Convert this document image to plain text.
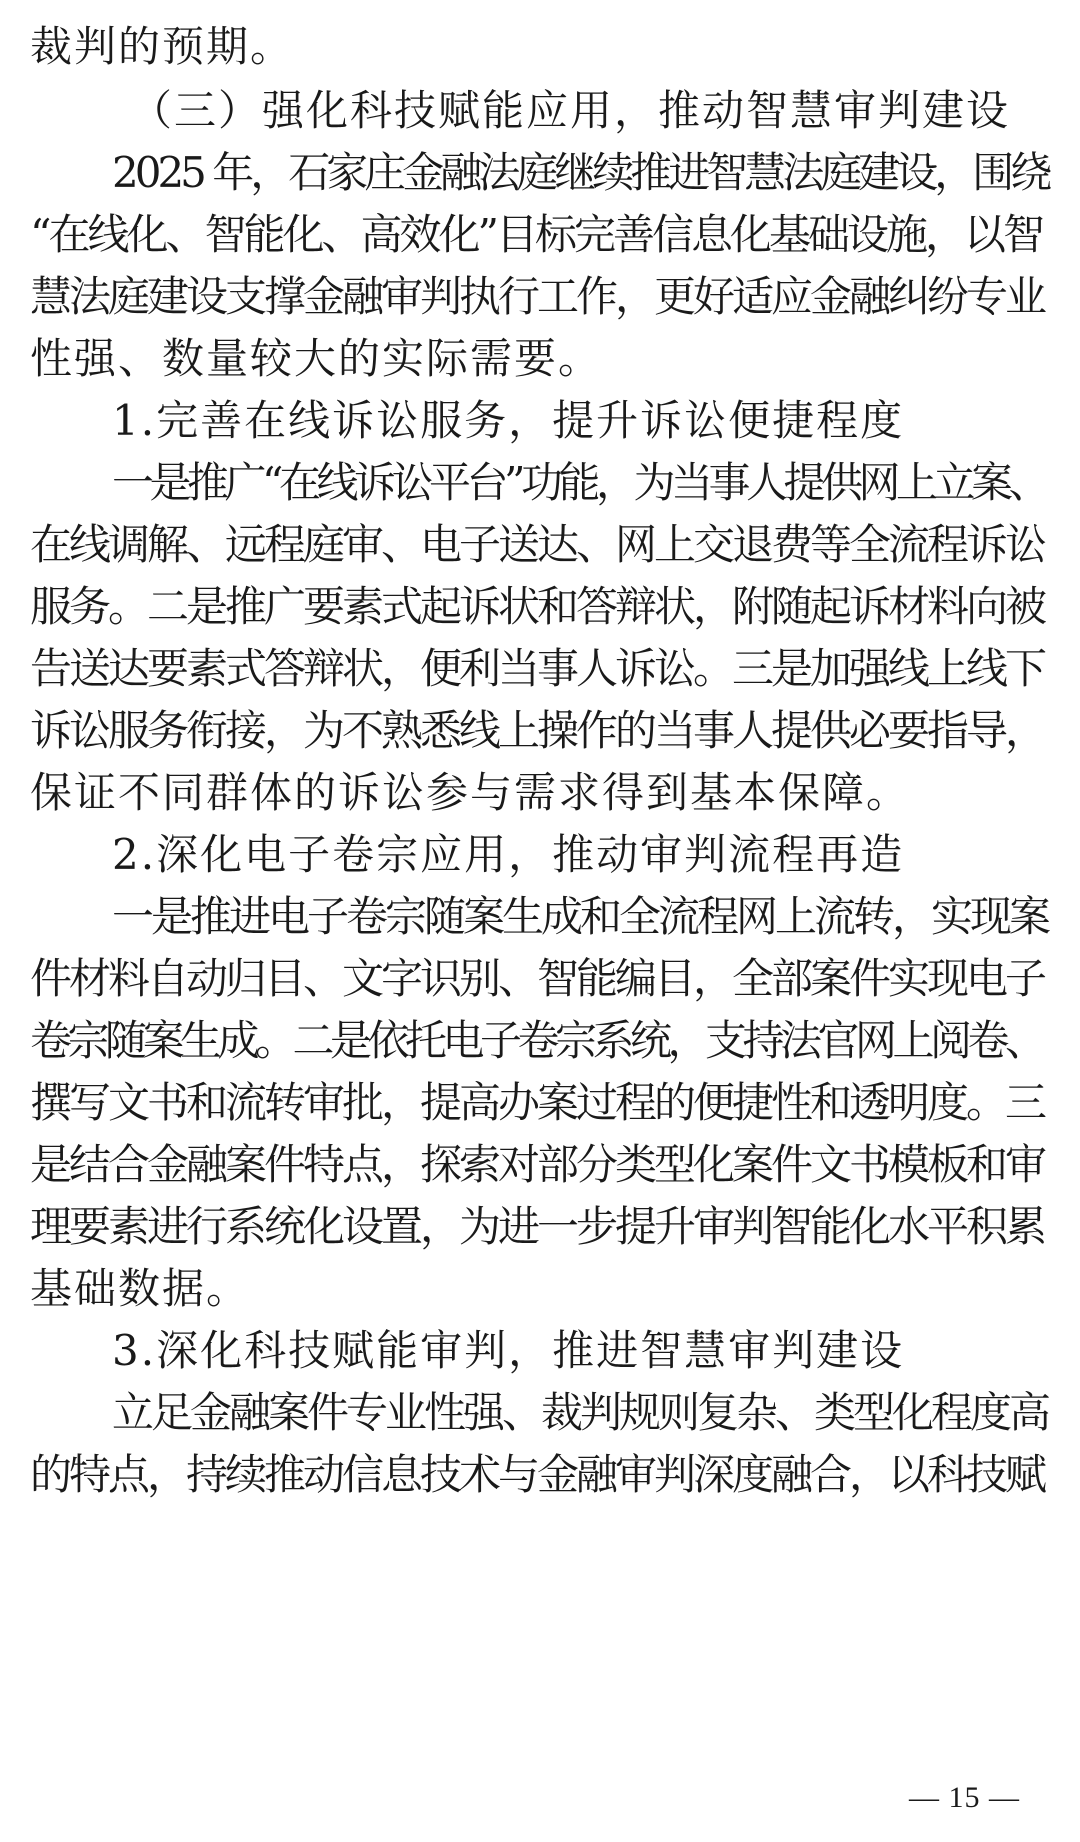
裁判的预期。
（三）强化科技赋能应用，推动智慧审判建设
2025 年，石家庄金融法庭继续推进智慧法庭建设，围绕
“在线化、智能化、高效化”目标完善信息化基础设施，以智
慧法庭建设支撑金融审判执行工作，更好适应金融纠纷专业
性强、数量较大的实际需要。
1.完善在线诉讼服务，提升诉讼便捷程度
一是推广“在线诉讼平台”功能，为当事人提供网上立案、
在线调解、远程庭审、电子送达、网上交退费等全流程诉讼
服务。二是推广要素式起诉状和答辩状，附随起诉材料向被
告送达要素式答辩状，便利当事人诉讼。三是加强线上线下
诉讼服务衔接，为不熟悉线上操作的当事人提供必要指导，
保证不同群体的诉讼参与需求得到基本保障。
2.深化电子卷宗应用，推动审判流程再造
一是推进电子卷宗随案生成和全流程网上流转，实现案
件材料自动归目、文字识别、智能编目，全部案件实现电子
卷宗随案生成。二是依托电子卷宗系统，支持法官网上阅卷、
撰写文书和流转审批，提高办案过程的便捷性和透明度。三
是结合金融案件特点，探索对部分类型化案件文书模板和审
理要素进行系统化设置，为进一步提升审判智能化水平积累
基础数据。
3.深化科技赋能审判，推进智慧审判建设
立足金融案件专业性强、裁判规则复杂、类型化程度高
的特点，持续推动信息技术与金融审判深度融合，以科技赋
— 15 —
